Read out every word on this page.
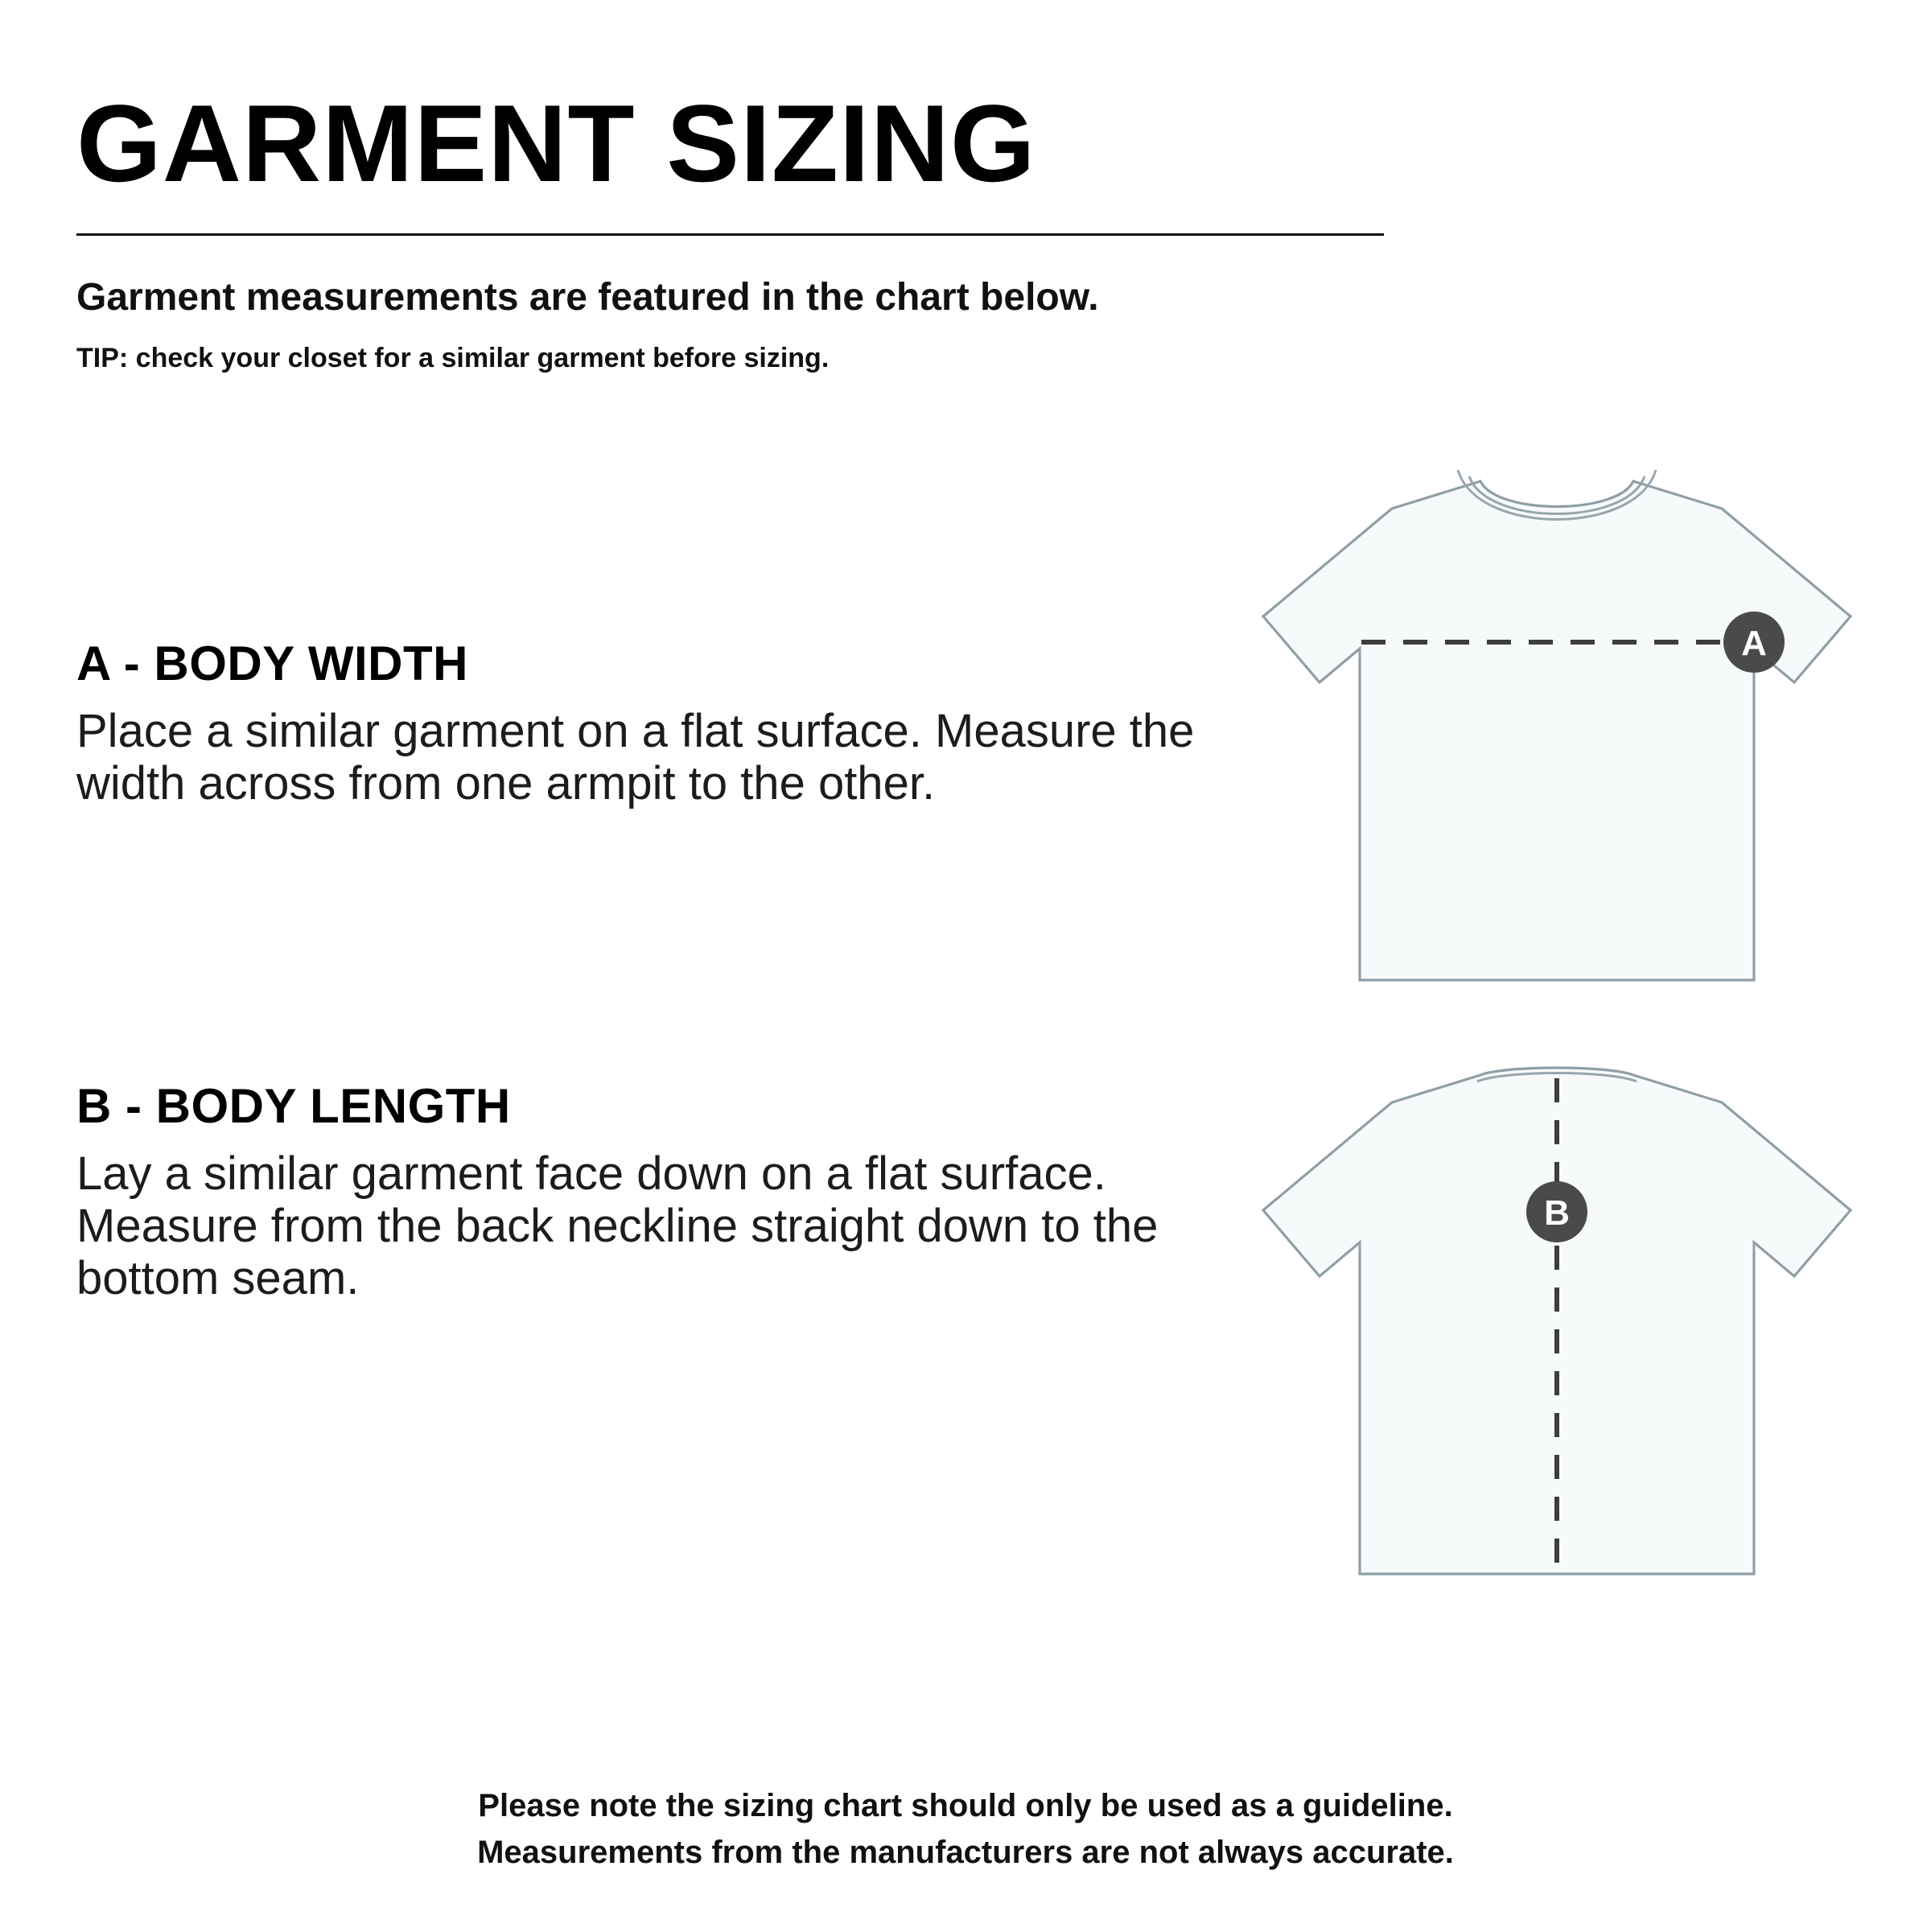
GARMENT SIZING
Garment measurements are featured in the chart below.
TIP: check your closet for a similar garment before sizing.
A - BODY WIDTH

Place a similar garment on a flat surface. Measure the width across from one armpit to the other.

A
B - BODY LENGTH

Lay a similar garment face down on a flat surface. Measure from the back neckline straight down to the bottom seam.

B
Please note the sizing chart should only be used as a guideline.
Measurements from the manufacturers are not always accurate.
